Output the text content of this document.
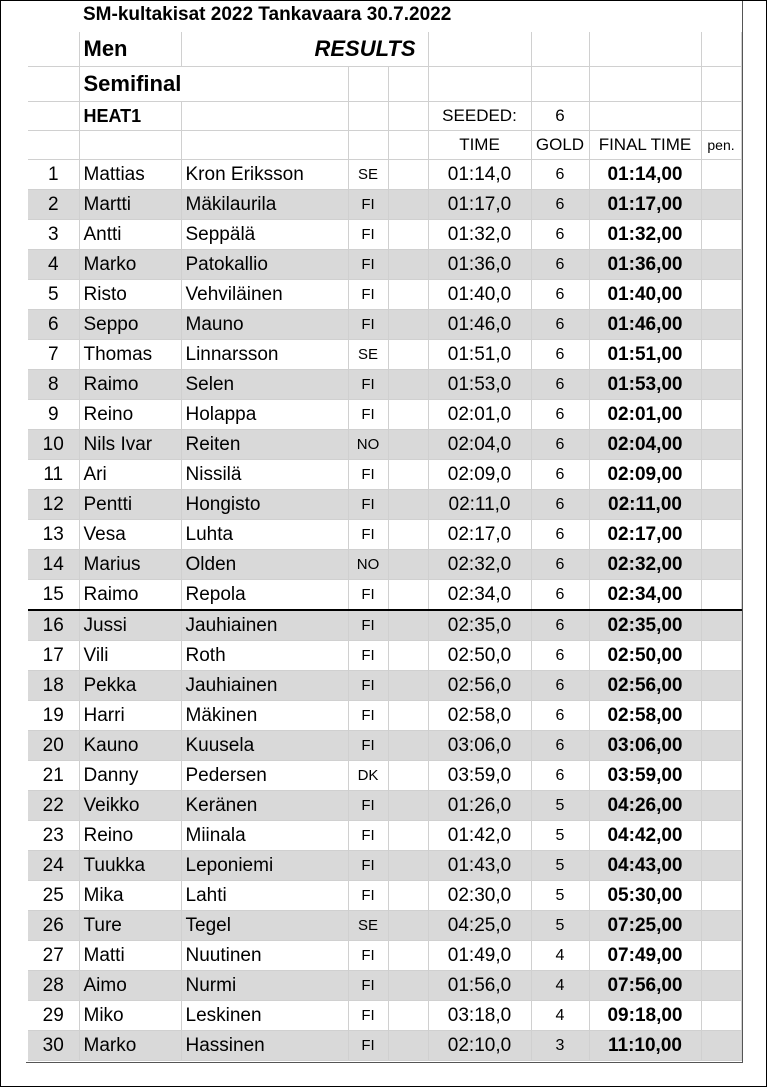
SM-kultakisat 2022 Tankavaara 30.7.2022
	Men	RESULTS						
	Semifinal							
	HEAT1				SEEDED:	6		
					TIME	GOLD	FINAL TIME	pen.
1	Mattias	Kron Eriksson	SE		01:14,0	6	01:14,00	
2	Martti	Mäkilaurila	FI		01:17,0	6	01:17,00	
3	Antti	Seppälä	FI		01:32,0	6	01:32,00	
4	Marko	Patokallio	FI		01:36,0	6	01:36,00	
5	Risto	Vehviläinen	FI		01:40,0	6	01:40,00	
6	Seppo	Mauno	FI		01:46,0	6	01:46,00	
7	Thomas	Linnarsson	SE		01:51,0	6	01:51,00	
8	Raimo	Selen	FI		01:53,0	6	01:53,00	
9	Reino	Holappa	FI		02:01,0	6	02:01,00	
10	Nils Ivar	Reiten	NO		02:04,0	6	02:04,00	
11	Ari	Nissilä	FI		02:09,0	6	02:09,00	
12	Pentti	Hongisto	FI		02:11,0	6	02:11,00	
13	Vesa	Luhta	FI		02:17,0	6	02:17,00	
14	Marius	Olden	NO		02:32,0	6	02:32,00	
15	Raimo	Repola	FI		02:34,0	6	02:34,00	
16	Jussi	Jauhiainen	FI		02:35,0	6	02:35,00	
17	Vili	Roth	FI		02:50,0	6	02:50,00	
18	Pekka	Jauhiainen	FI		02:56,0	6	02:56,00	
19	Harri	Mäkinen	FI		02:58,0	6	02:58,00	
20	Kauno	Kuusela	FI		03:06,0	6	03:06,00	
21	Danny	Pedersen	DK		03:59,0	6	03:59,00	
22	Veikko	Keränen	FI		01:26,0	5	04:26,00	
23	Reino	Miinala	FI		01:42,0	5	04:42,00	
24	Tuukka	Leponiemi	FI		01:43,0	5	04:43,00	
25	Mika	Lahti	FI		02:30,0	5	05:30,00	
26	Ture	Tegel	SE		04:25,0	5	07:25,00	
27	Matti	Nuutinen	FI		01:49,0	4	07:49,00	
28	Aimo	Nurmi	FI		01:56,0	4	07:56,00	
29	Miko	Leskinen	FI		03:18,0	4	09:18,00	
30	Marko	Hassinen	FI		02:10,0	3	11:10,00	
